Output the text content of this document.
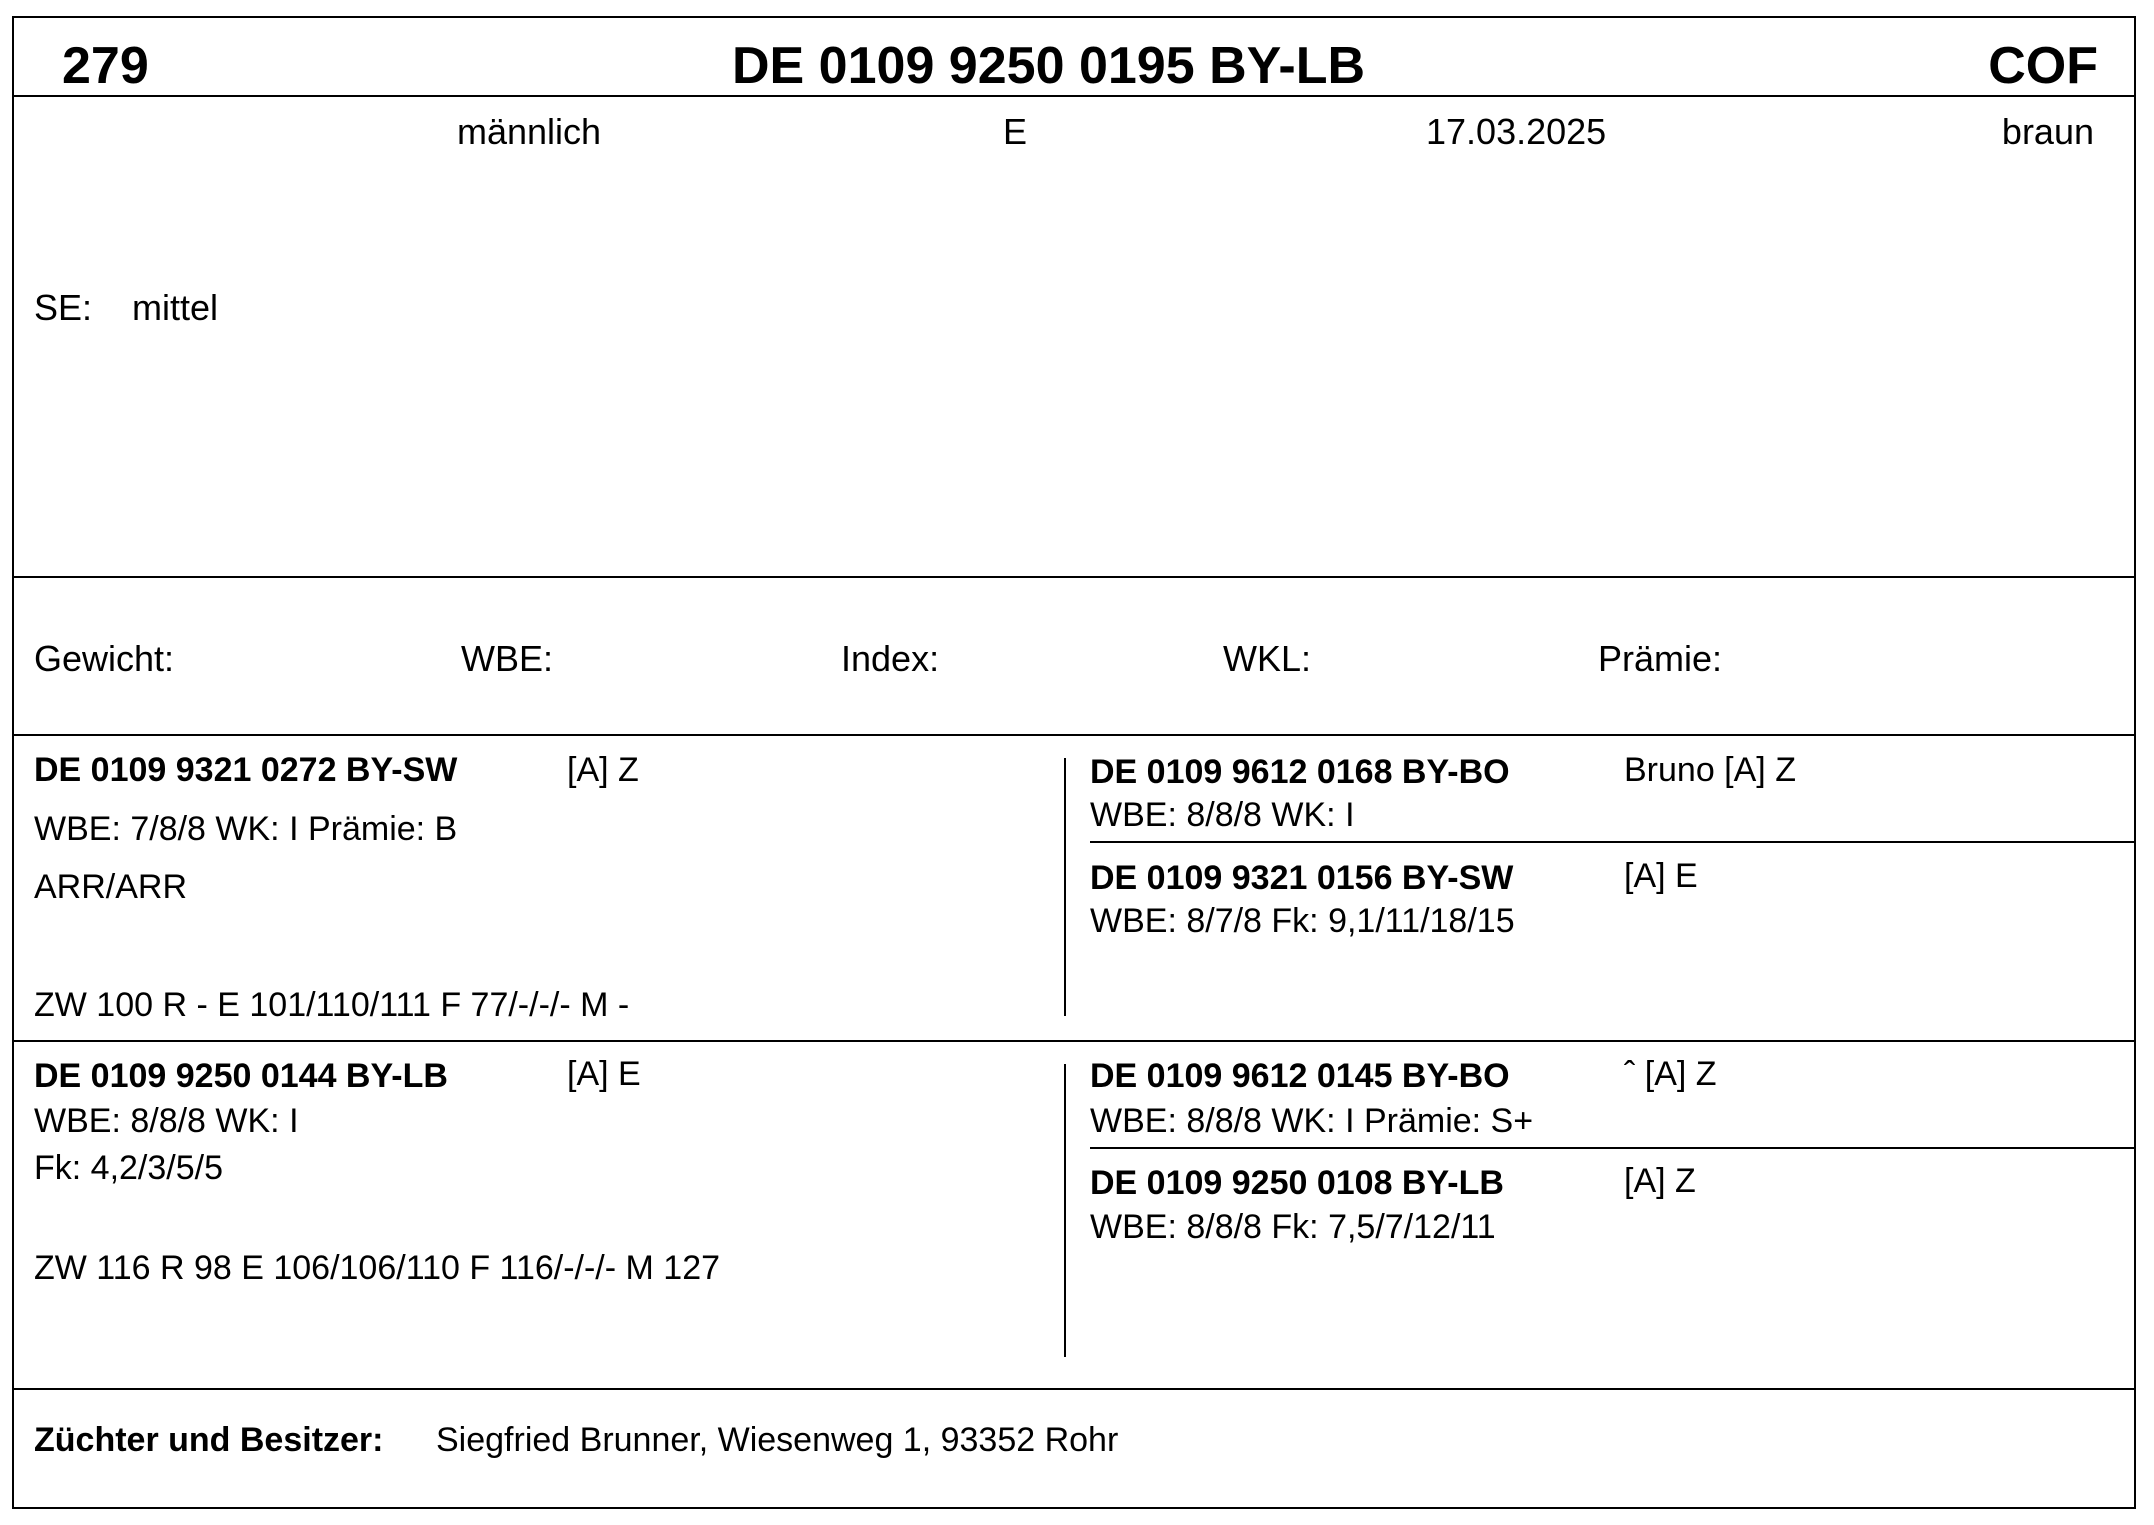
279	DE 0109 9250 0195 BY-LB	COF
männlich	E	17.03.2025	braun
SE: mittel
Gewicht:	WBE:	Index:	WKL:	Prämie:
DE 0109 9321 0272 BY-SW	[A] Z
WBE: 7/8/8 WK: I Prämie: B
ARR/ARR
ZW 100 R - E 101/110/111 F 77/-/-/- M -
DE 0109 9612 0168 BY-BO	Bruno [A] Z
WBE: 8/8/8 WK: I
DE 0109 9321 0156 BY-SW	[A] E
WBE: 8/7/8 Fk: 9,1/11/18/15
DE 0109 9250 0144 BY-LB	[A] E
WBE: 8/8/8 WK: I
Fk: 4,2/3/5/5
ZW 116 R 98 E 106/106/110 F 116/-/-/- M 127
DE 0109 9612 0145 BY-BO	ˆ [A] Z
WBE: 8/8/8 WK: I Prämie: S+
DE 0109 9250 0108 BY-LB	[A] Z
WBE: 8/8/8 Fk: 7,5/7/12/11
Züchter und Besitzer: Siegfried Brunner, Wiesenweg 1, 93352 Rohr
